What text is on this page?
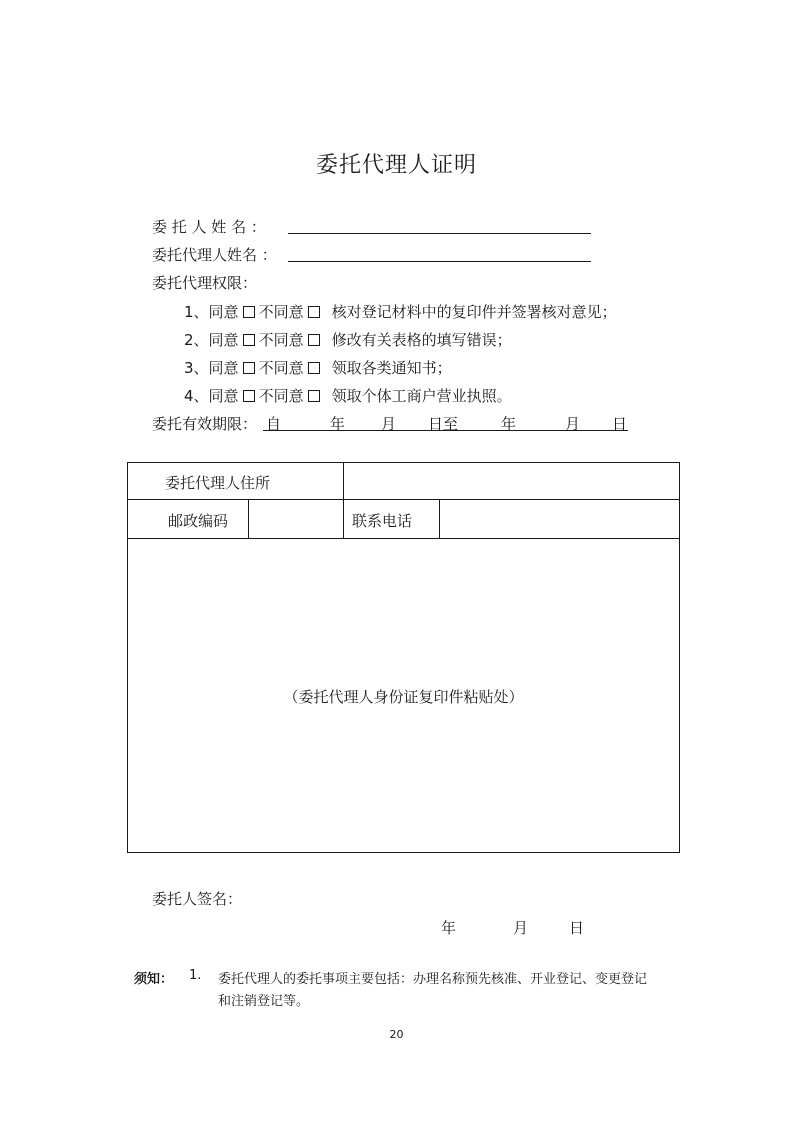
委托代理人证明
委 托 人 姓 名 ：
委托代理人姓名 ：
委托代理权限：
1、同意 不同意 核对登记材料中的复印件并签署核对意见；
2、同意 不同意 修改有关表格的填写错误；
3、同意 不同意 领取各类通知书；
4、同意 不同意 领取个体工商户营业执照。
委托有效期限： 自	年 月 日至	年	月 日
委托代理人住所
邮政编码	联系电话
（委托代理人身份证复印件粘贴处）
委托人签名：
年	月	日
须知： 1. 委托代理人的委托事项主要包括：办理名称预先核准、开业登记、变更登记
和注销登记等。
20
